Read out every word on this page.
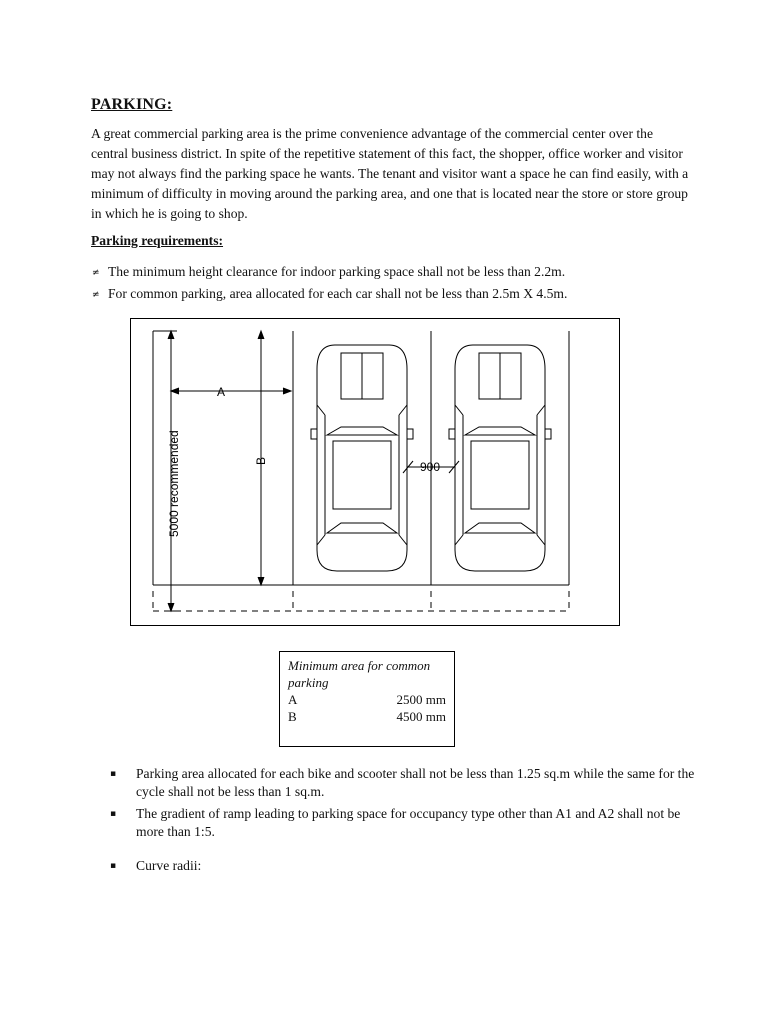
PARKING:

A great commercial parking area is the prime convenience advantage of the commercial center over the central business district. In spite of the repetitive statement of this fact, the shopper, office worker and visitor may not always find the parking space he wants. The tenant and visitor want a space he can find easily, with a minimum of difficulty in moving around the parking area, and one that is located near the store or store group in which he is going to shop.

Parking requirements:
≠ The minimum height clearance for indoor parking space shall not be less than 2.2m.
≠ For common parking, area allocated for each car shall not be less than 2.5m X 4.5m.
A
B
5000 recommended	900
Minimum area for common parking
A	2500 mm
B	4500 mm
▪ Parking area allocated for each bike and scooter shall not be less than 1.25 sq.m while the same for the cycle shall not be less than 1 sq.m.
▪ The gradient of ramp leading to parking space for occupancy type other than A1 and A2 shall not be more than 1:5.
▪ Curve radii:
